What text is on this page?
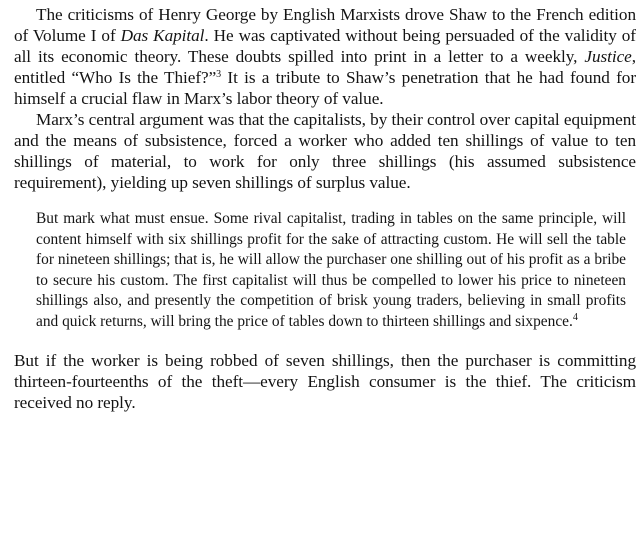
The criticisms of Henry George by English Marxists drove Shaw to the French edition of Volume I of Das Kapital. He was captivated without being persuaded of the validity of all its economic theory. These doubts spilled into print in a letter to a weekly, Justice, entitled “Who Is the Thief?”$^3$ It is a tribute to Shaw’s penetration that he had found for himself a crucial flaw in Marx’s labor theory of value.

Marx’s central argument was that the capitalists, by their control over capital equipment and the means of subsistence, forced a worker who added ten shillings of value to ten shillings of material, to work for only three shillings (his assumed subsistence requirement), yielding up seven shillings of surplus value.

But mark what must ensue. Some rival capitalist, trading in tables on the same principle, will content himself with six shillings profit for the sake of attracting custom. He will sell the table for nineteen shillings; that is, he will allow the purchaser one shilling out of his profit as a bribe to secure his custom. The first capitalist will thus be compelled to lower his price to nineteen shillings also, and presently the competition of brisk young traders, believing in small profits and quick returns, will bring the price of tables down to thirteen shillings and sixpence.$^4$

But if the worker is being robbed of seven shillings, then the purchaser is committing thirteen-fourteenths of the theft—every English consumer is the thief. The criticism received no reply.
